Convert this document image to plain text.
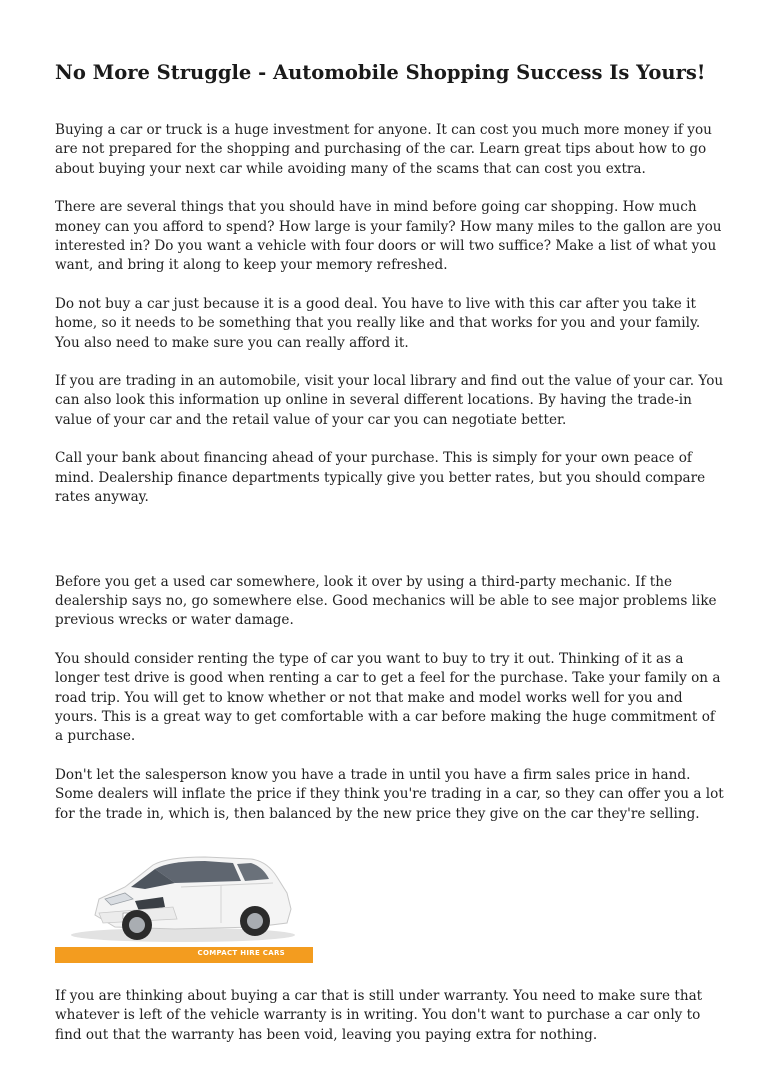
No More Struggle - Automobile Shopping Success Is Yours!

Buying a car or truck is a huge investment for anyone. It can cost you much more money if you are not prepared for the shopping and purchasing of the car. Learn great tips about how to go about buying your next car while avoiding many of the scams that can cost you extra.

There are several things that you should have in mind before going car shopping. How much money can you afford to spend? How large is your family? How many miles to the gallon are you interested in? Do you want a vehicle with four doors or will two suffice? Make a list of what you want, and bring it along to keep your memory refreshed.

Do not buy a car just because it is a good deal. You have to live with this car after you take it home, so it needs to be something that you really like and that works for you and your family. You also need to make sure you can really afford it.

If you are trading in an automobile, visit your local library and find out the value of your car. You can also look this information up online in several different locations. By having the trade-in value of your car and the retail value of your car you can negotiate better.

Call your bank about financing ahead of your purchase. This is simply for your own peace of mind. Dealership finance departments typically give you better rates, but you should compare rates anyway.

Before you get a used car somewhere, look it over by using a third-party mechanic. If the dealership says no, go somewhere else. Good mechanics will be able to see major problems like previous wrecks or water damage.

You should consider renting the type of car you want to buy to try it out. Thinking of it as a longer test drive is good when renting a car to get a feel for the purchase. Take your family on a road trip. You will get to know whether or not that make and model works well for you and yours. This is a great way to get comfortable with a car before making the huge commitment of a purchase.

Don't let the salesperson know you have a trade in until you have a firm sales price in hand. Some dealers will inflate the price if they think you're trading in a car, so they can offer you a lot for the trade in, which is, then balanced by the new price they give on the car they're selling.

COMPACT HIRE CARS

If you are thinking about buying a car that is still under warranty. You need to make sure that whatever is left of the vehicle warranty is in writing. You don't want to purchase a car only to find out that the warranty has been void, leaving you paying extra for nothing.
